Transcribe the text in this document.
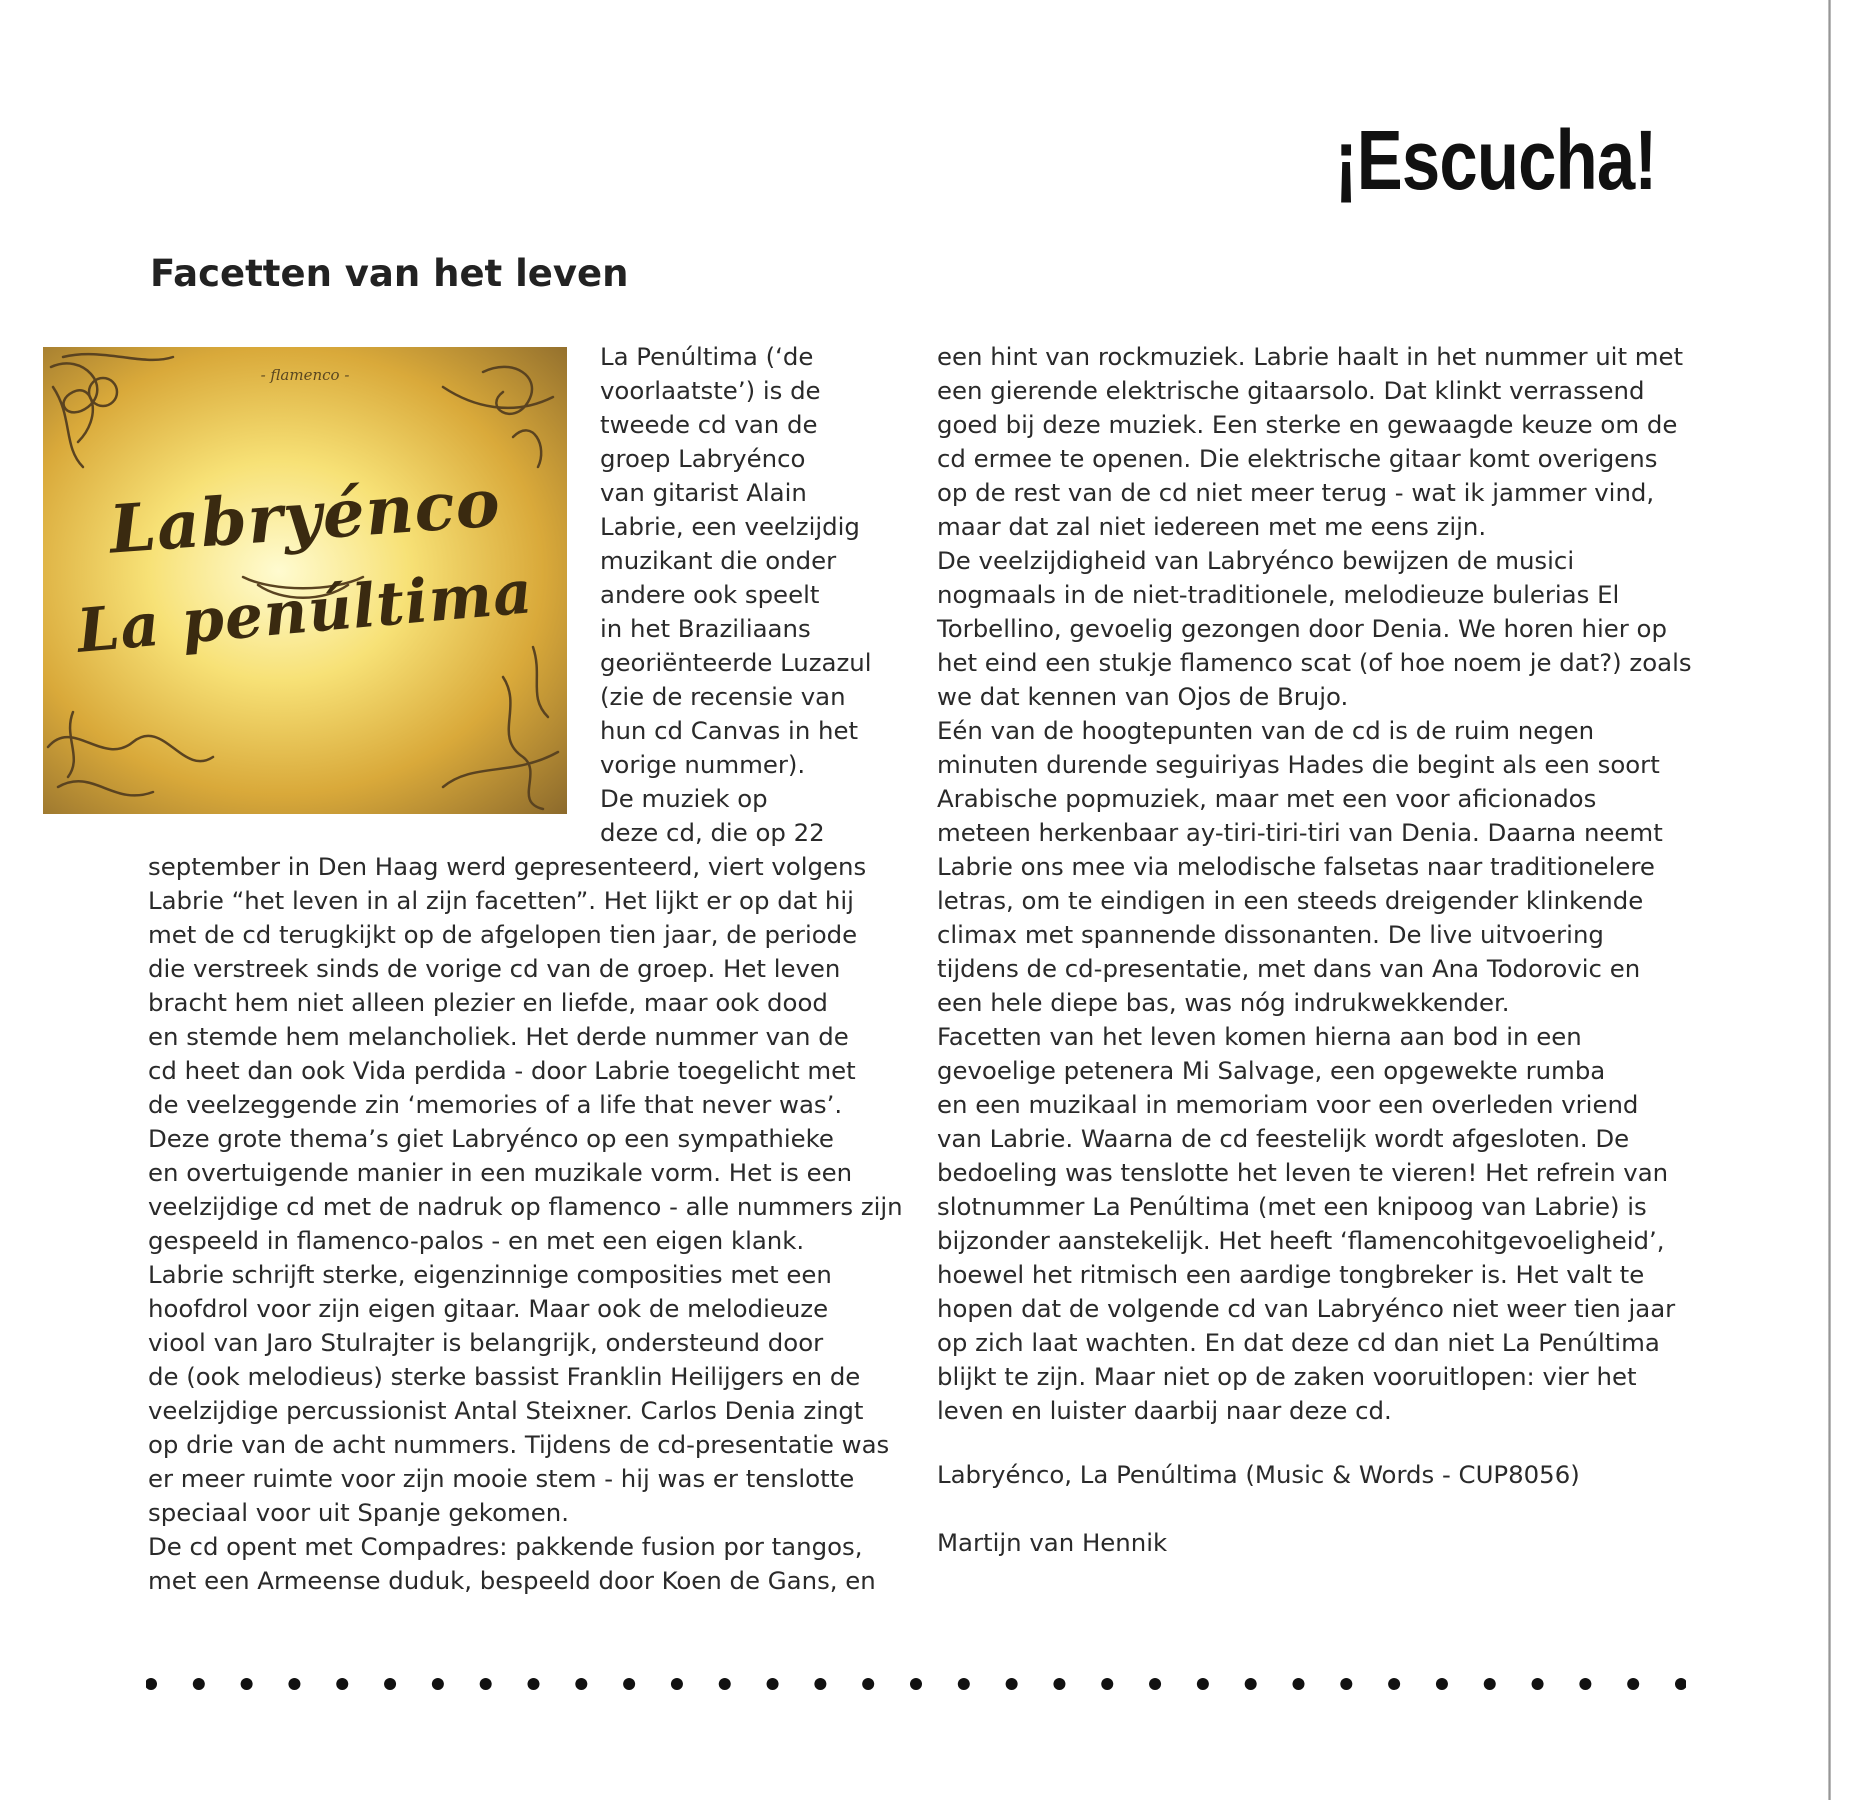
¡Escucha!
Facetten van het leven
- flamenco -
Labryénco
La penúltima
La Penúltima (‘de
voorlaatste’) is de
tweede cd van de
groep Labryénco
van gitarist Alain
Labrie, een veelzijdig
muzikant die onder
andere ook speelt
in het Braziliaans
georiënteerde Luzazul
(zie de recensie van
hun cd Canvas in het
vorige nummer).
De muziek op
deze cd, die op 22
september in Den Haag werd gepresenteerd, viert volgens
Labrie “het leven in al zijn facetten”. Het lijkt er op dat hij
met de cd terugkijkt op de afgelopen tien jaar, de periode
die verstreek sinds de vorige cd van de groep. Het leven
bracht hem niet alleen plezier en liefde, maar ook dood
en stemde hem melancholiek. Het derde nummer van de
cd heet dan ook Vida perdida - door Labrie toegelicht met
de veelzeggende zin ‘memories of a life that never was’.
Deze grote thema’s giet Labryénco op een sympathieke
en overtuigende manier in een muzikale vorm. Het is een
veelzijdige cd met de nadruk op flamenco - alle nummers zijn
gespeeld in flamenco-palos - en met een eigen klank.
Labrie schrijft sterke, eigenzinnige composities met een
hoofdrol voor zijn eigen gitaar. Maar ook de melodieuze
viool van Jaro Stulrajter is belangrijk, ondersteund door
de (ook melodieus) sterke bassist Franklin Heilijgers en de
veelzijdige percussionist Antal Steixner. Carlos Denia zingt
op drie van de acht nummers. Tijdens de cd-presentatie was
er meer ruimte voor zijn mooie stem - hij was er tenslotte
speciaal voor uit Spanje gekomen.
De cd opent met Compadres: pakkende fusion por tangos,
met een Armeense duduk, bespeeld door Koen de Gans, en
een hint van rockmuziek. Labrie haalt in het nummer uit met
een gierende elektrische gitaarsolo. Dat klinkt verrassend
goed bij deze muziek. Een sterke en gewaagde keuze om de
cd ermee te openen. Die elektrische gitaar komt overigens
op de rest van de cd niet meer terug - wat ik jammer vind,
maar dat zal niet iedereen met me eens zijn.
De veelzijdigheid van Labryénco bewijzen de musici
nogmaals in de niet-traditionele, melodieuze bulerias El
Torbellino, gevoelig gezongen door Denia. We horen hier op
het eind een stukje flamenco scat (of hoe noem je dat?) zoals
we dat kennen van Ojos de Brujo.
Eén van de hoogtepunten van de cd is de ruim negen
minuten durende seguiriyas Hades die begint als een soort
Arabische popmuziek, maar met een voor aficionados
meteen herkenbaar ay-tiri-tiri-tiri van Denia. Daarna neemt
Labrie ons mee via melodische falsetas naar traditionelere
letras, om te eindigen in een steeds dreigender klinkende
climax met spannende dissonanten. De live uitvoering
tijdens de cd-presentatie, met dans van Ana Todorovic en
een hele diepe bas, was nóg indrukwekkender.
Facetten van het leven komen hierna aan bod in een
gevoelige petenera Mi Salvage, een opgewekte rumba
en een muzikaal in memoriam voor een overleden vriend
van Labrie. Waarna de cd feestelijk wordt afgesloten. De
bedoeling was tenslotte het leven te vieren! Het refrein van
slotnummer La Penúltima (met een knipoog van Labrie) is
bijzonder aanstekelijk. Het heeft ‘flamencohitgevoeligheid’,
hoewel het ritmisch een aardige tongbreker is. Het valt te
hopen dat de volgende cd van Labryénco niet weer tien jaar
op zich laat wachten. En dat deze cd dan niet La Penúltima
blijkt te zijn. Maar niet op de zaken vooruitlopen: vier het
leven en luister daarbij naar deze cd.
Labryénco, La Penúltima (Music & Words - CUP8056)
Martijn van Hennik
